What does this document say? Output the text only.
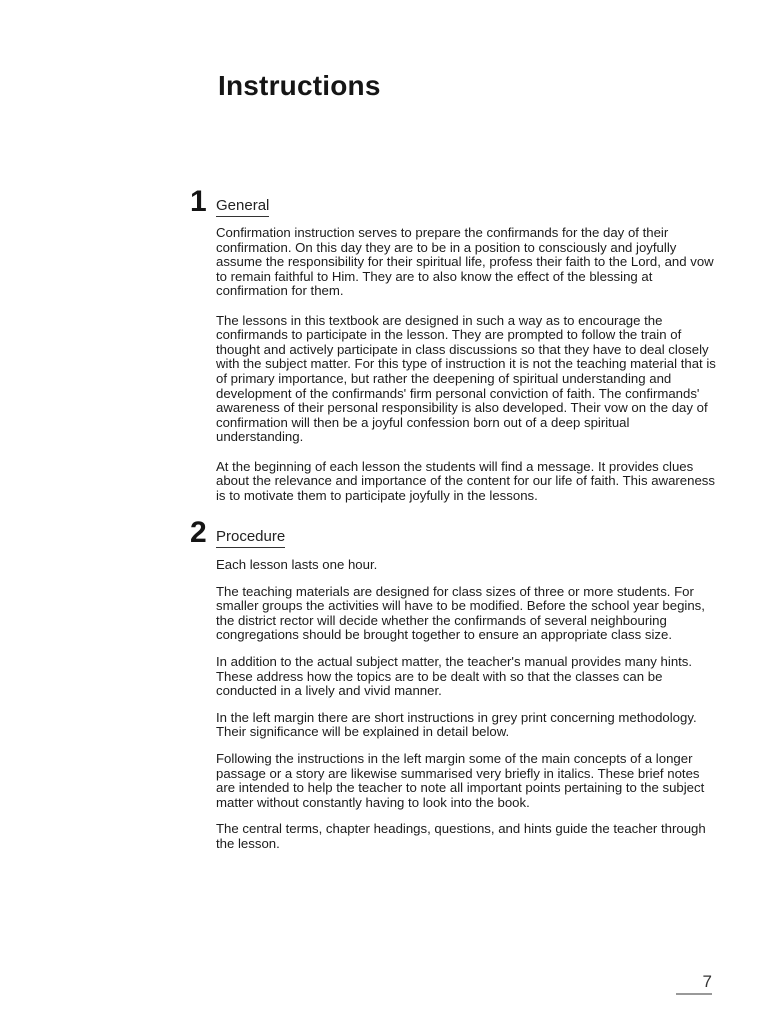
Instructions
1 General

Confirmation instruction serves to prepare the confirmands for the day of their confirmation. On this day they are to be in a position to consciously and joyfully assume the responsibility for their spiritual life, profess their faith to the Lord, and vow to remain faithful to Him. They are to also know the effect of the blessing at confirmation for them.

The lessons in this textbook are designed in such a way as to encourage the confirmands to participate in the lesson. They are prompted to follow the train of thought and actively participate in class discussions so that they have to deal closely with the subject matter. For this type of instruction it is not the teaching material that is of primary importance, but rather the deepening of spiritual understanding and development of the confirmands' firm personal conviction of faith. The confirmands' awareness of their personal responsibility is also developed. Their vow on the day of confirmation will then be a joyful confession born out of a deep spiritual understanding.

At the beginning of each lesson the students will find a message. It provides clues about the relevance and importance of the content for our life of faith. This awareness is to motivate them to participate joyfully in the lessons.

2 Procedure

Each lesson lasts one hour.

The teaching materials are designed for class sizes of three or more students. For smaller groups the activities will have to be modified. Before the school year begins, the district rector will decide whether the confirmands of several neighbouring congregations should be brought together to ensure an appropriate class size.

In addition to the actual subject matter, the teacher's manual provides many hints. These address how the topics are to be dealt with so that the classes can be conducted in a lively and vivid manner.

In the left margin there are short instructions in grey print concerning methodology. Their significance will be explained in detail below.

Following the instructions in the left margin some of the main concepts of a longer passage or a story are likewise summarised very briefly in italics. These brief notes are intended to help the teacher to note all important points pertaining to the subject matter without constantly having to look into the book.

The central terms, chapter headings, questions, and hints guide the teacher through the lesson.

7
